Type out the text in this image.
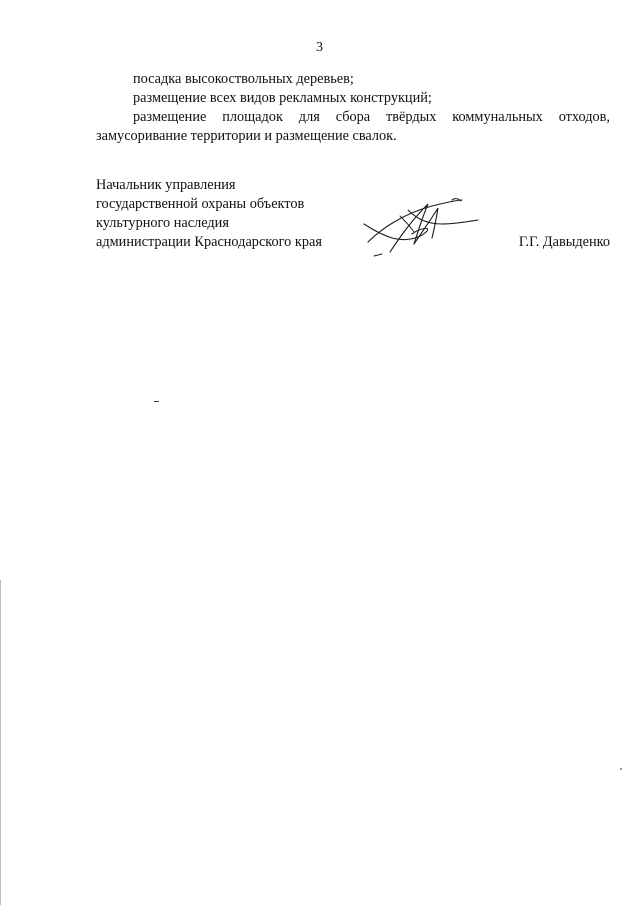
3

посадка высокоствольных деревьев;

размещение всех видов рекламных конструкций;

размещение площадок для сбора твёрдых коммунальных отходов, замусоривание территории и размещение свалок.

Начальник управления
государственной охраны объектов
культурного наследия
администрации Краснодарского края	Г.Г. Давыденко
